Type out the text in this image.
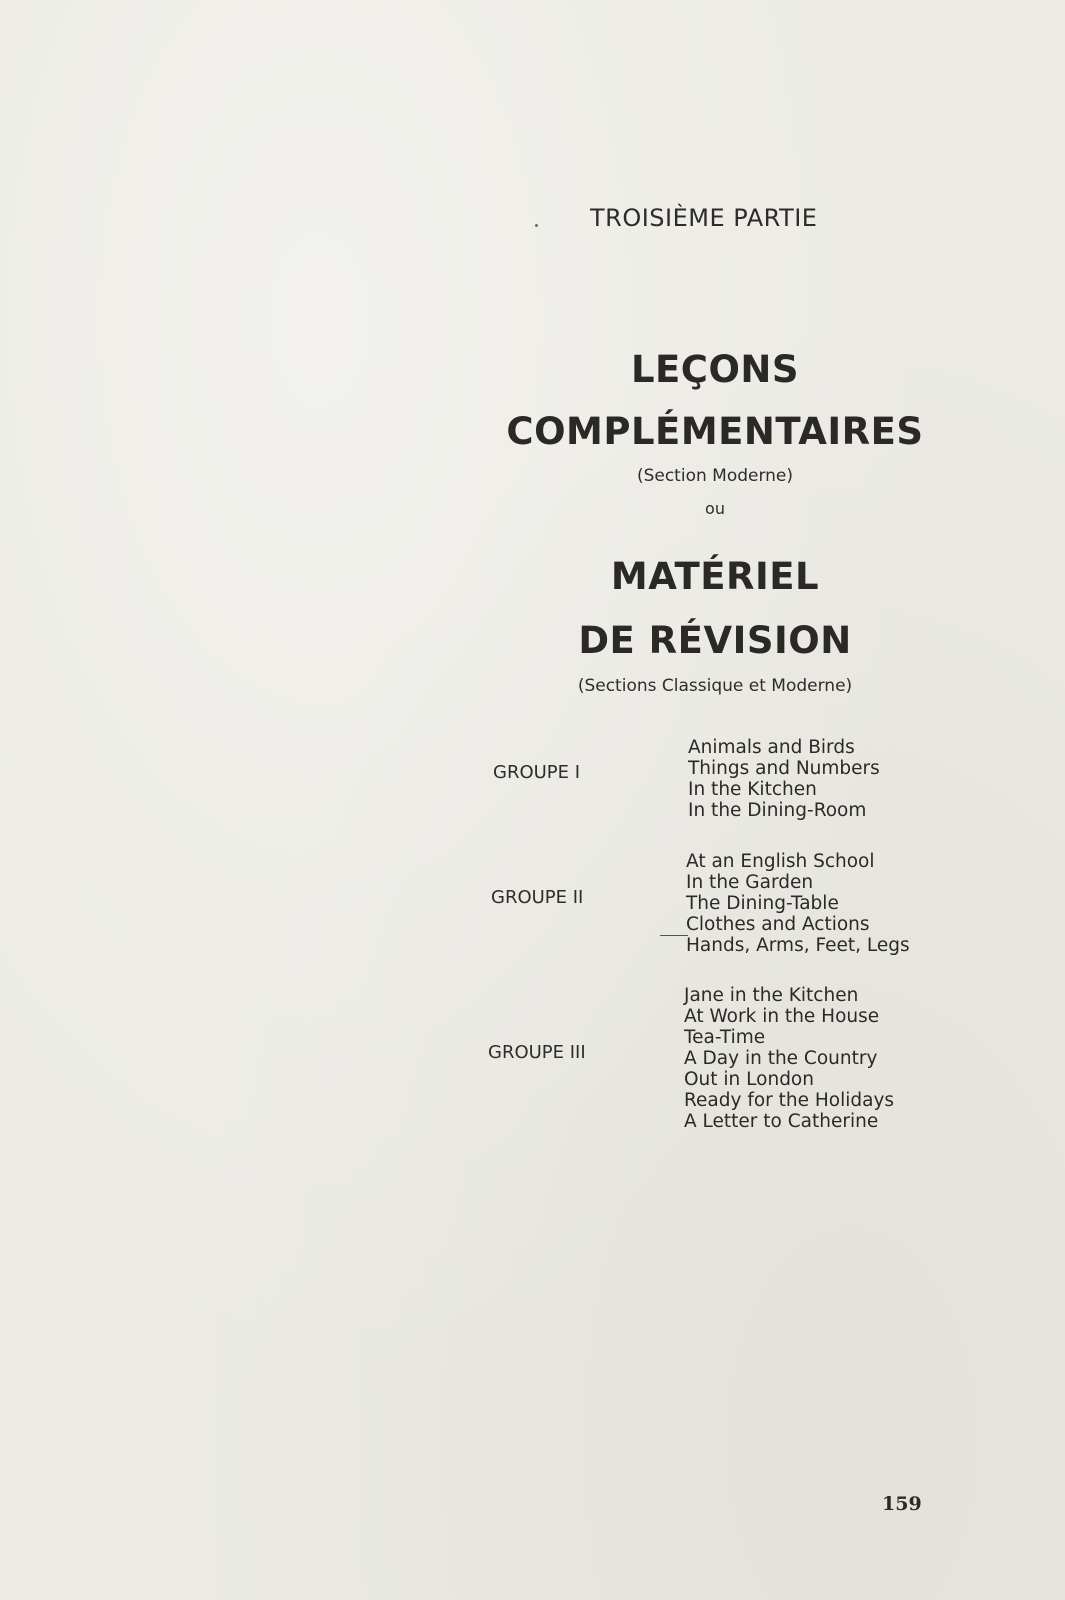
TROISIÈME PARTIE
LEÇONS
COMPLÉMENTAIRES
(Section Moderne)
ou
MATÉRIEL
DE RÉVISION
(Sections Classique et Moderne)
GROUPE I
Animals and Birds
Things and Numbers
In the Kitchen
In the Dining-Room
GROUPE II
At an English School
In the Garden
The Dining-Table
Clothes and Actions
Hands, Arms, Feet, Legs
GROUPE III
Jane in the Kitchen
At Work in the House
Tea-Time
A Day in the Country
Out in London
Ready for the Holidays
A Letter to Catherine
159
